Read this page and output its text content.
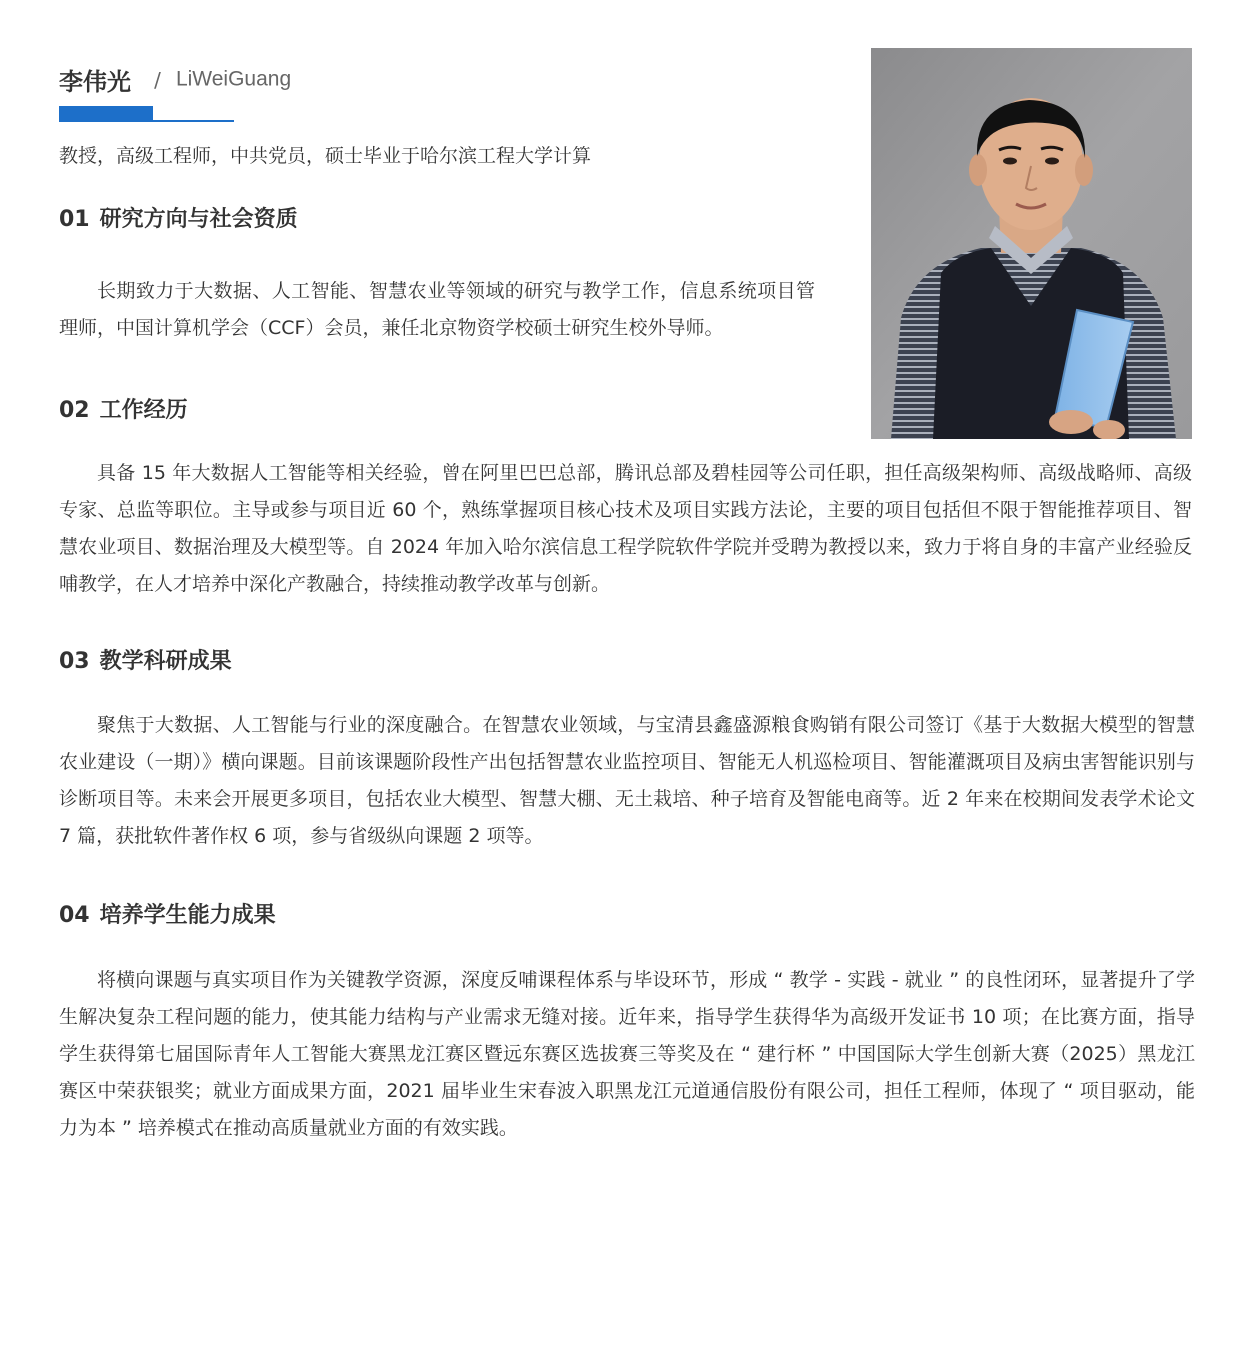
李伟光 / LiWeiGuang
教授，高级工程师，中共党员，硕士毕业于哈尔滨工程大学计算
01 研究方向与社会资质
长期致力于大数据、人工智能、智慧农业等领域的研究与教学工作，信息系统项目管理师，中国计算机学会（CCF）会员，兼任北京物资学校硕士研究生校外导师。
02 工作经历
具备 15 年大数据人工智能等相关经验，曾在阿里巴巴总部，腾讯总部及碧桂园等公司任职，担任高级架构师、高级战略师、高级专家、总监等职位。主导或参与项目近 60 个，熟练掌握项目核心技术及项目实践方法论，主要的项目包括但不限于智能推荐项目、智慧农业项目、数据治理及大模型等。自 2024 年加入哈尔滨信息工程学院软件学院并受聘为教授以来，致力于将自身的丰富产业经验反哺教学，在人才培养中深化产教融合，持续推动教学改革与创新。
03 教学科研成果
聚焦于大数据、人工智能与行业的深度融合。在智慧农业领域，与宝清县鑫盛源粮食购销有限公司签订《基于大数据大模型的智慧农业建设（一期）》横向课题。目前该课题阶段性产出包括智慧农业监控项目、智能无人机巡检项目、智能灌溉项目及病虫害智能识别与诊断项目等。未来会开展更多项目，包括农业大模型、智慧大棚、无土栽培、种子培育及智能电商等。近 2 年来在校期间发表学术论文 7 篇，获批软件著作权 6 项，参与省级纵向课题 2 项等。
04 培养学生能力成果
将横向课题与真实项目作为关键教学资源，深度反哺课程体系与毕设环节，形成 “ 教学 - 实践 - 就业 ” 的良性闭环，显著提升了学生解决复杂工程问题的能力，使其能力结构与产业需求无缝对接。近年来，指导学生获得华为高级开发证书 10 项；在比赛方面，指导学生获得第七届国际青年人工智能大赛黑龙江赛区暨远东赛区选拔赛三等奖及在 “ 建行杯 ” 中国国际大学生创新大赛（2025）黑龙江赛区中荣获银奖；就业方面成果方面，2021 届毕业生宋春波入职黑龙江元道通信股份有限公司，担任工程师，体现了 “ 项目驱动，能力为本 ” 培养模式在推动高质量就业方面的有效实践。
